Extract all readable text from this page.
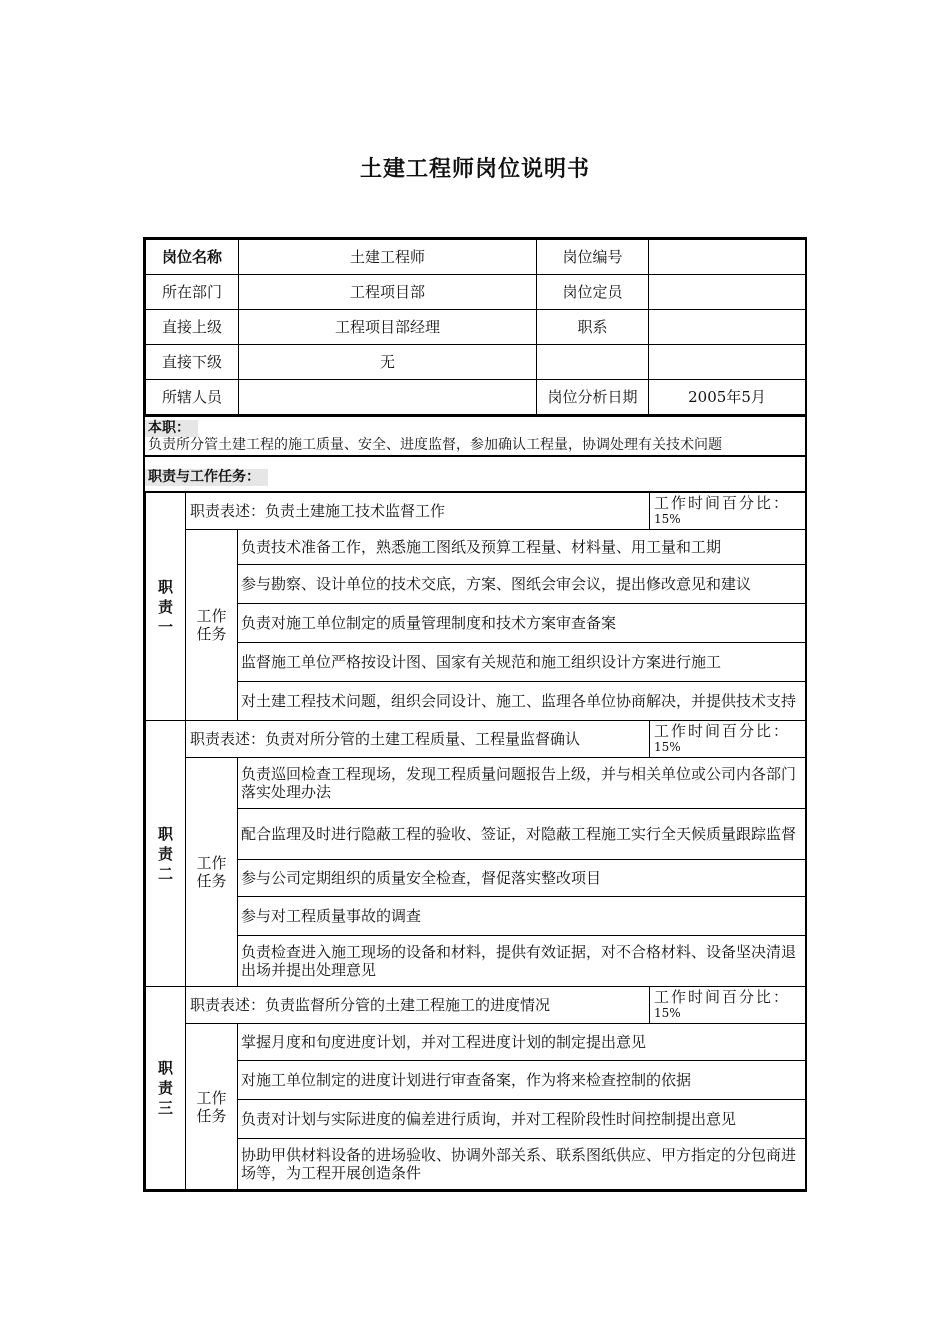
土建工程师岗位说明书
岗位名称	土建工程师	岗位编号	
所在部门	工程项目部	岗位定员	
直接上级	工程项目部经理	职系	
直接下级	无		
所辖人员		岗位分析日期	2005年5月
本职：
负责所分管土建工程的施工质量、安全、进度监督，参加确认工程量，协调处理有关技术问题
职责与工作任务：
职责一	职责表述：负责土建施工技术监督工作		工作时间百分比：
15%

	工作任务	负责技术准备工作，熟悉施工图纸及预算工程量、材料量、用工量和工期	
		参与勘察、设计单位的技术交底，方案、图纸会审会议，提出修改意见和建议	
		负责对施工单位制定的质量管理制度和技术方案审查备案	
		监督施工单位严格按设计图、国家有关规范和施工组织设计方案进行施工	
		对土建工程技术问题，组织会同设计、施工、监理各单位协商解决，并提供技术支持	
职责二	职责表述：负责对所分管的土建工程质量、工程量监督确认		工作时间百分比：
15%

	工作任务	负责巡回检查工程现场，发现工程质量问题报告上级，并与相关单位或公司内各部门落实处理办法	
		配合监理及时进行隐蔽工程的验收、签证，对隐蔽工程施工实行全天候质量跟踪监督	
		参与公司定期组织的质量安全检查，督促落实整改项目	
		参与对工程质量事故的调查	
		负责检查进入施工现场的设备和材料，提供有效证据，对不合格材料、设备坚决清退出场并提出处理意见	
职责三	职责表述：负责监督所分管的土建工程施工的进度情况		工作时间百分比：
15%

	工作任务	掌握月度和旬度进度计划，并对工程进度计划的制定提出意见	
		对施工单位制定的进度计划进行审查备案，作为将来检查控制的依据	
		负责对计划与实际进度的偏差进行质询，并对工程阶段性时间控制提出意见	
		协助甲供材料设备的进场验收、协调外部关系、联系图纸供应、甲方指定的分包商进场等，为工程开展创造条件	
